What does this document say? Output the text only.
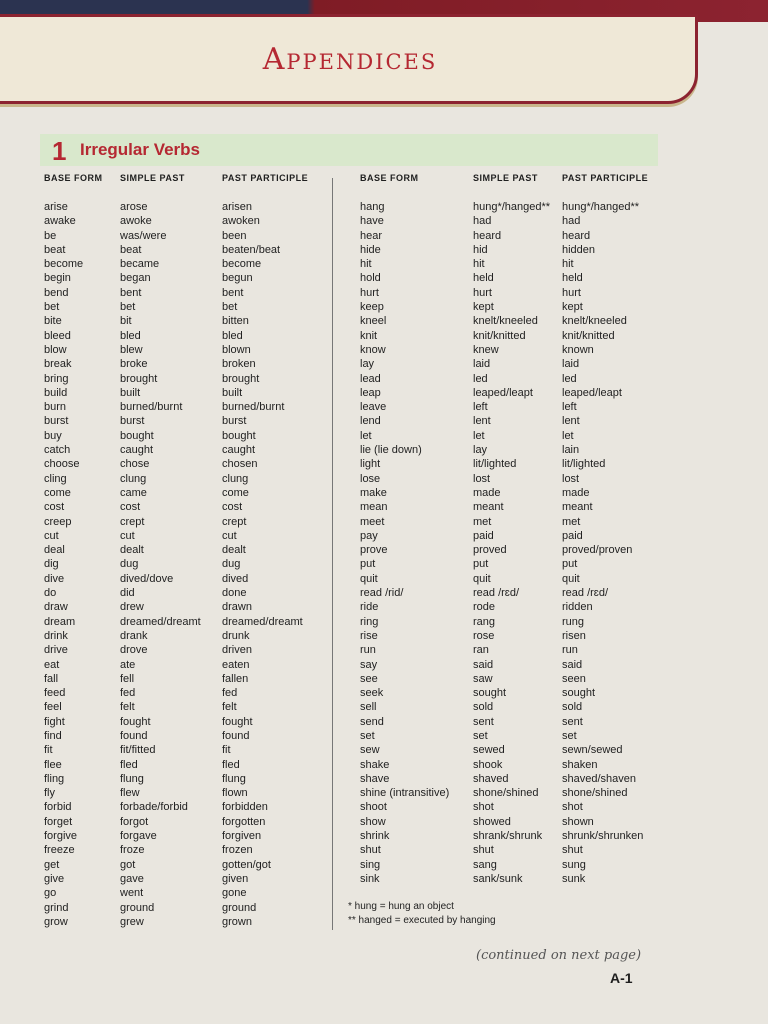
Appendices
1 Irregular Verbs
BASE FORM
arise
awake
be
beat
become
begin
bend
bet
bite
bleed
blow
break
bring
build
burn
burst
buy
catch
choose
cling
come
cost
creep
cut
deal
dig
dive
do
draw
dream
drink
drive
eat
fall
feed
feel
fight
find
fit
flee
fling
fly
forbid
forget
forgive
freeze
get
give
go
grind
grow
SIMPLE PAST
arose
awoke
was/were
beat
became
began
bent
bet
bit
bled
blew
broke
brought
built
burned/burnt
burst
bought
caught
chose
clung
came
cost
crept
cut
dealt
dug
dived/dove
did
drew
dreamed/dreamt
drank
drove
ate
fell
fed
felt
fought
found
fit/fitted
fled
flung
flew
forbade/forbid
forgot
forgave
froze
got
gave
went
ground
grew
PAST PARTICIPLE
arisen
awoken
been
beaten/beat
become
begun
bent
bet
bitten
bled
blown
broken
brought
built
burned/burnt
burst
bought
caught
chosen
clung
come
cost
crept
cut
dealt
dug
dived
done
drawn
dreamed/dreamt
drunk
driven
eaten
fallen
fed
felt
fought
found
fit
fled
flung
flown
forbidden
forgotten
forgiven
frozen
gotten/got
given
gone
ground
grown
BASE FORM
hang
have
hear
hide
hit
hold
hurt
keep
kneel
knit
know
lay
lead
leap
leave
lend
let
lie (lie down)
light
lose
make
mean
meet
pay
prove
put
quit
read /rid/
ride
ring
rise
run
say
see
seek
sell
send
set
sew
shake
shave
shine (intransitive)
shoot
show
shrink
shut
sing
sink
SIMPLE PAST
hung*/hanged**
had
heard
hid
hit
held
hurt
kept
knelt/kneeled
knit/knitted
knew
laid
led
leaped/leapt
left
lent
let
lay
lit/lighted
lost
made
meant
met
paid
proved
put
quit
read /rɛd/
rode
rang
rose
ran
said
saw
sought
sold
sent
set
sewed
shook
shaved
shone/shined
shot
showed
shrank/shrunk
shut
sang
sank/sunk
PAST PARTICIPLE
hung*/hanged**
had
heard
hidden
hit
held
hurt
kept
knelt/kneeled
knit/knitted
known
laid
led
leaped/leapt
left
lent
let
lain
lit/lighted
lost
made
meant
met
paid
proved/proven
put
quit
read /rɛd/
ridden
rung
risen
run
said
seen
sought
sold
sent
set
sewn/sewed
shaken
shaved/shaven
shone/shined
shot
shown
shrunk/shrunken
shut
sung
sunk
* hung = hung an object
** hanged = executed by hanging
(continued on next page)
A-1
